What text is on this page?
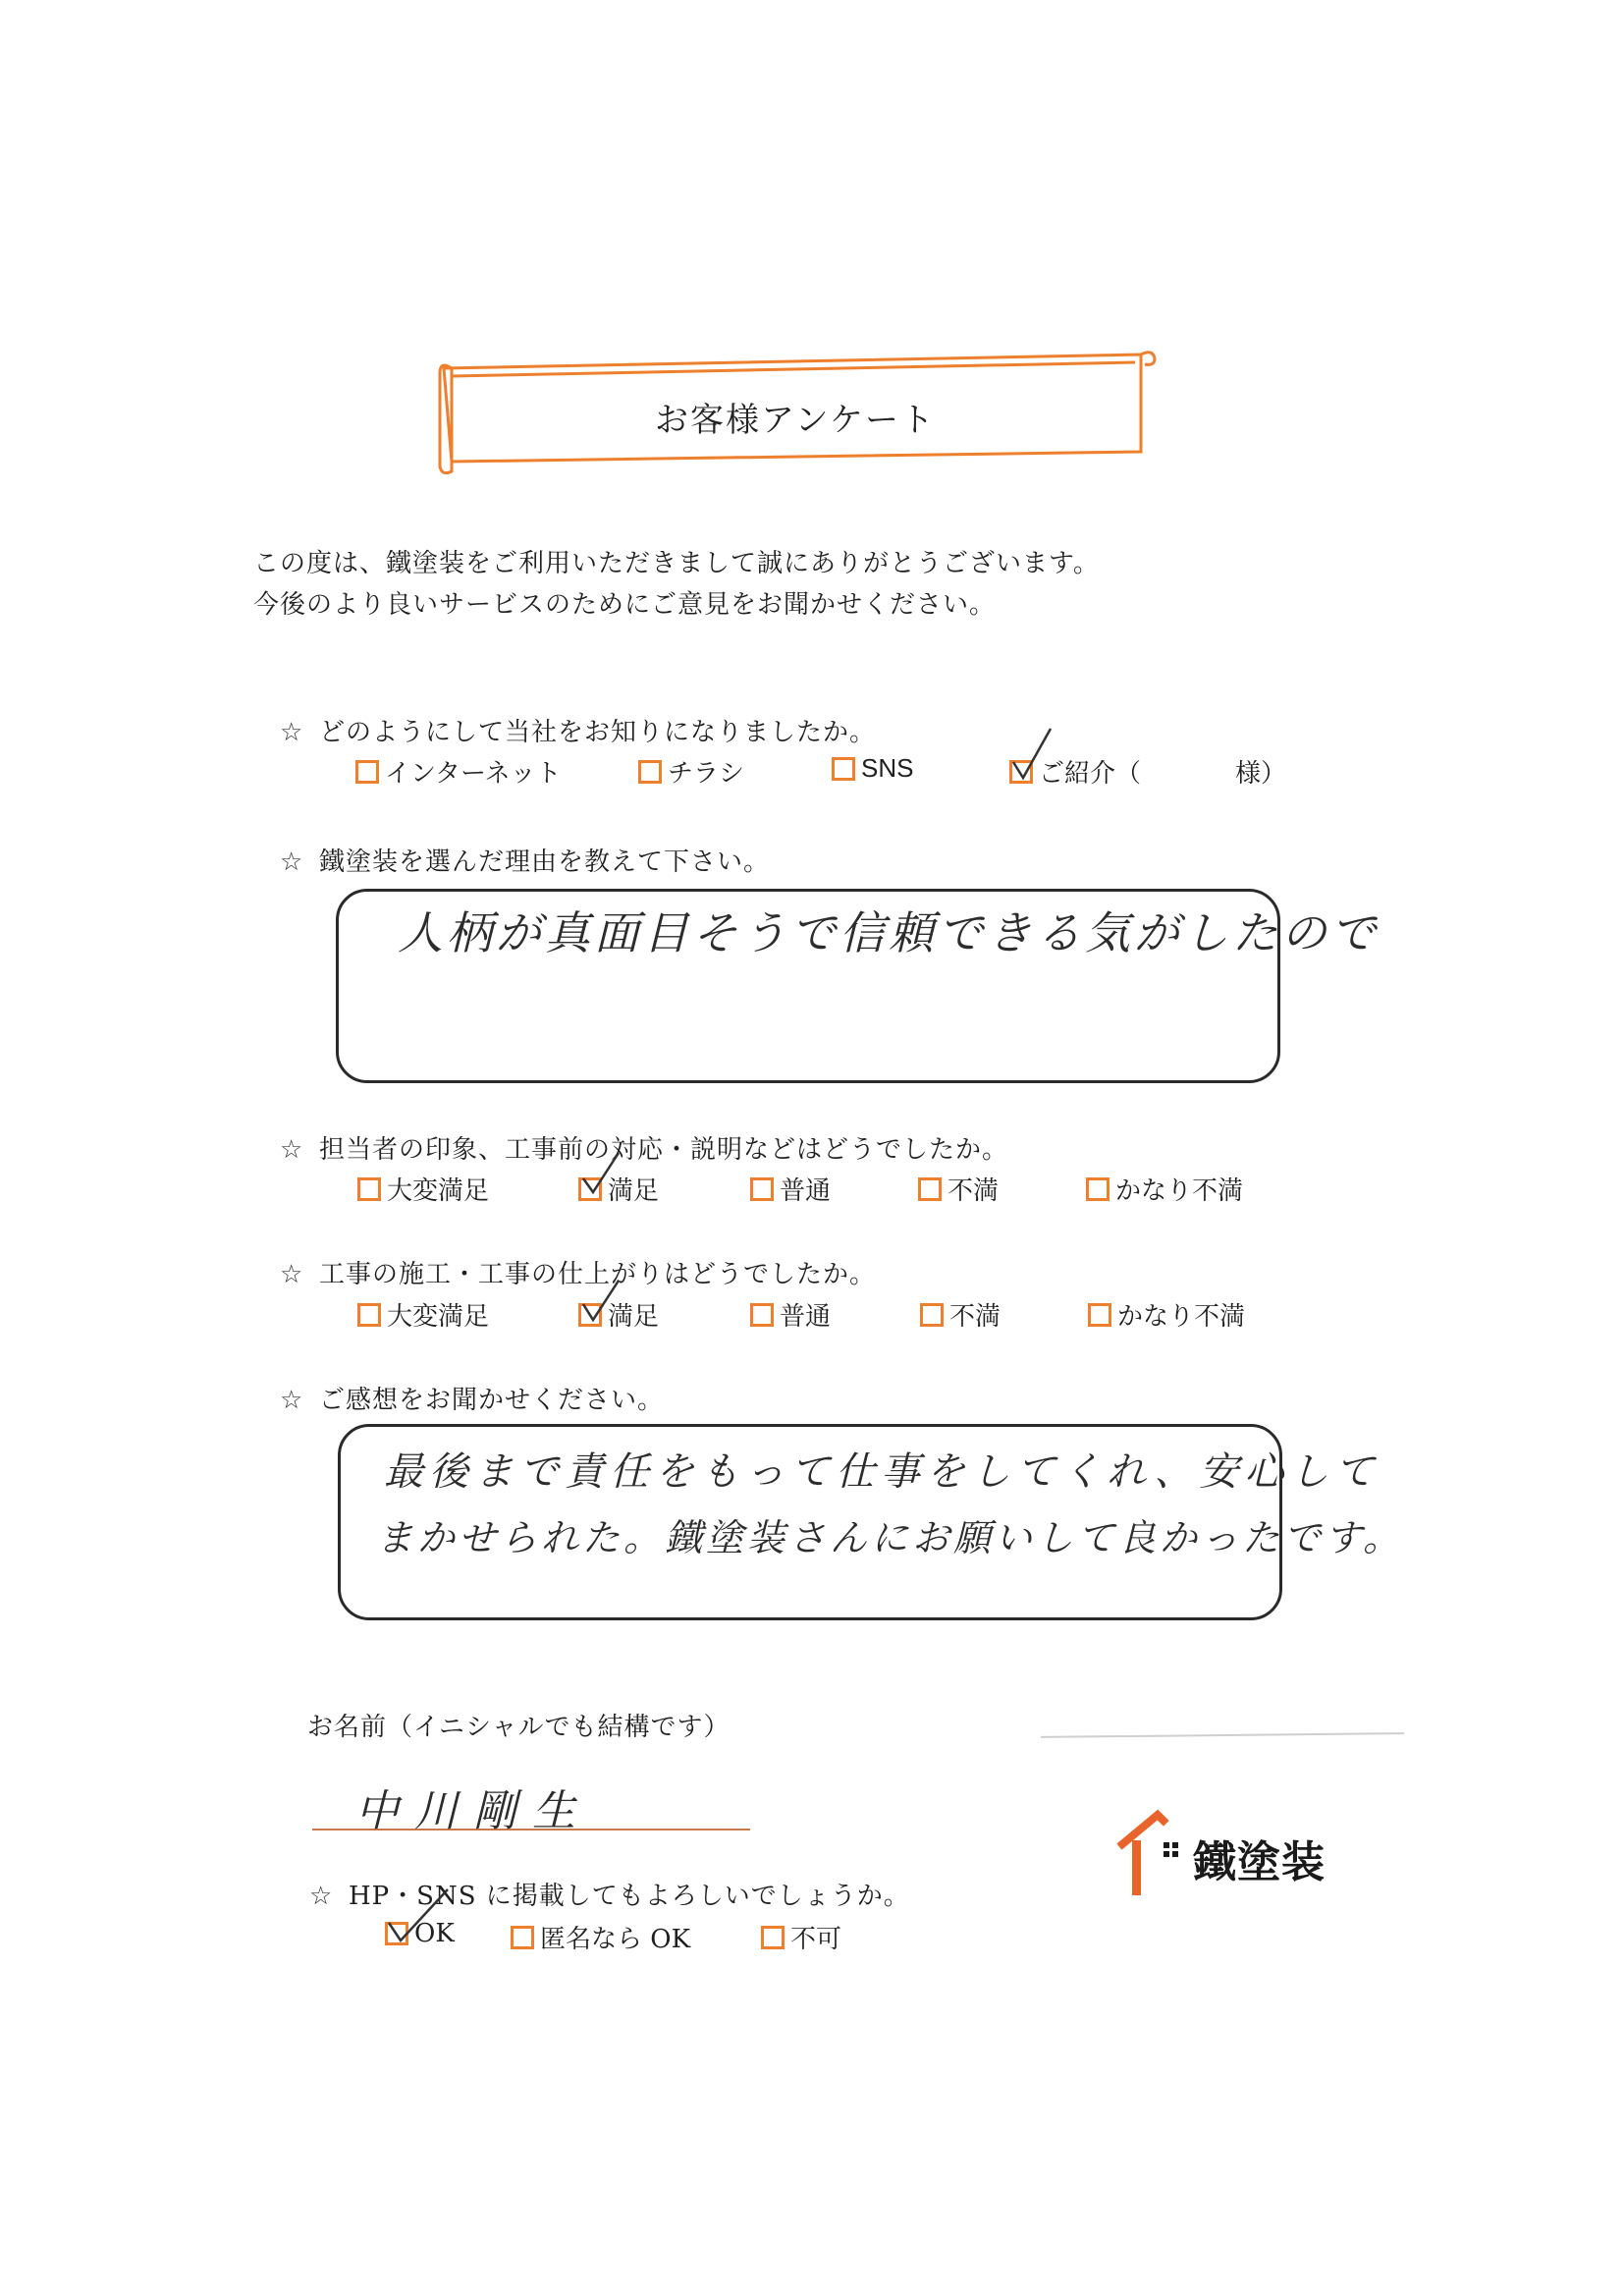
お客様アンケート
この度は、鐵塗装をご利用いただきまして誠にありがとうございます。
今後のより良いサービスのためにご意見をお聞かせください。
☆ どのようにして当社をお知りになりましたか。
インターネット	チラシ	SNS	ご紹介（	様）
☆ 鐵塗装を選んだ理由を教えて下さい。
人柄が真面目そうで信頼できる気がしたので
☆ 担当者の印象、工事前の対応・説明などはどうでしたか。
大変満足	満足	普通	不満	かなり不満
☆ 工事の施工・工事の仕上がりはどうでしたか。
大変満足	満足	普通	不満	かなり不満
☆ ご感想をお聞かせください。
最後まで責任をもって仕事をしてくれ、安心して
まかせられた。鐵塗装さんにお願いして良かったです。
お名前（イニシャルでも結構です）
中川剛生
☆ HP・SNS に掲載してもよろしいでしょうか。
OK	匿名なら OK	不可
鐵塗装
